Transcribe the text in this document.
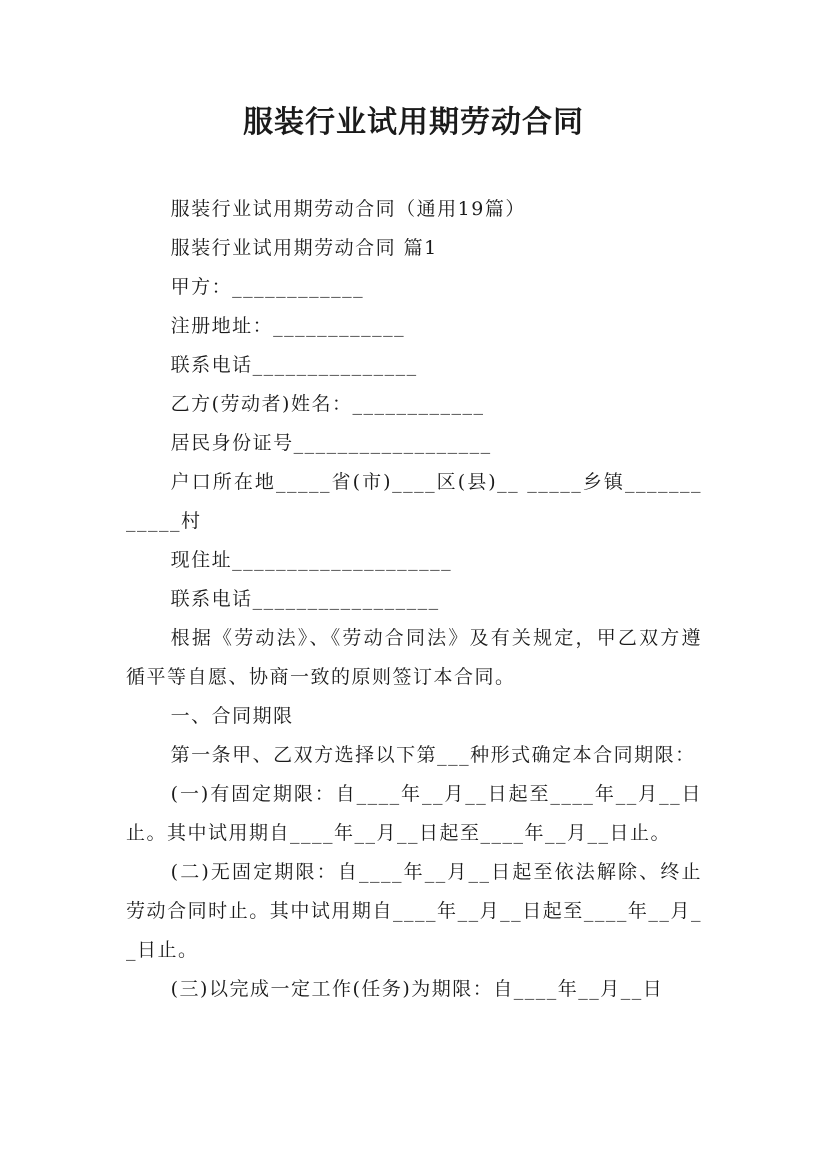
服装行业试用期劳动合同

服装行业试用期劳动合同（通用19篇）

服装行业试用期劳动合同 篇1

甲方：____________

注册地址：____________

联系电话_______________

乙方(劳动者)姓名：____________

居民身份证号__________________

户口所在地_____省(市)____区(县)__ _____乡镇____________村

现住址____________________

联系电话_________________

根据《劳动法》、《劳动合同法》及有关规定，甲乙双方遵循平等自愿、协商一致的原则签订本合同。

一、合同期限

第一条甲、乙双方选择以下第___种形式确定本合同期限：

(一)有固定期限：自____年__月__日起至____年__月__日止。其中试用期自____年__月__日起至____年__月__日止。

(二)无固定期限：自____年__月__日起至依法解除、终止劳动合同时止。其中试用期自____年__月__日起至____年__月__日止。

(三)以完成一定工作(任务)为期限：自____年__月__日
